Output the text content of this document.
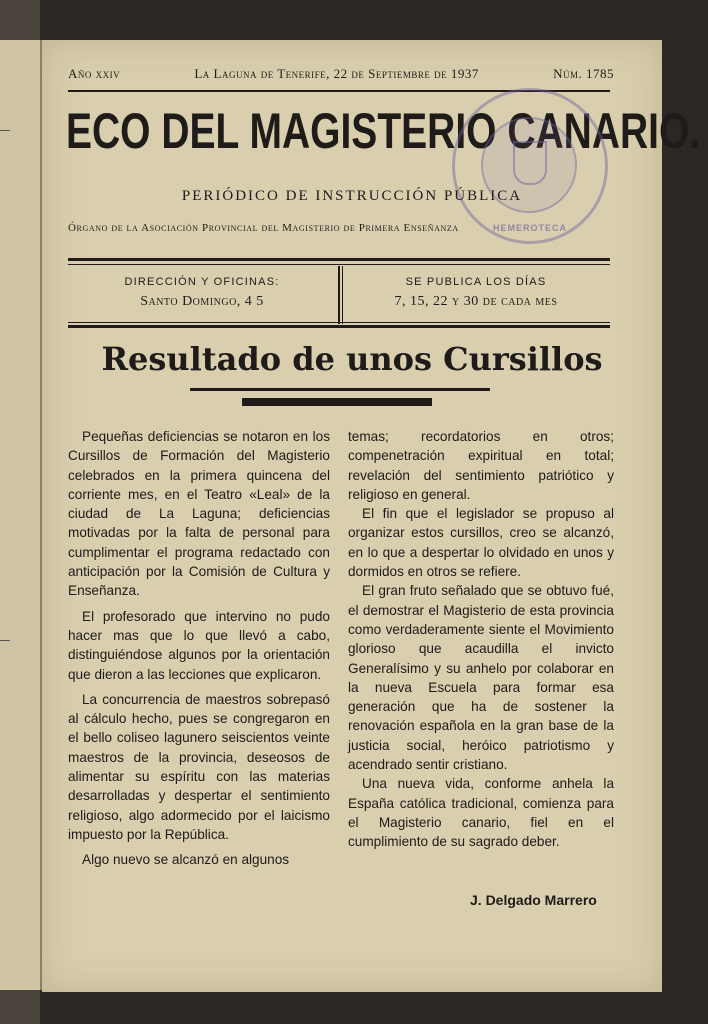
Año xxiv	La Laguna de Tenerife, 22 de Septiembre de 1937	Núm. 1785
ECO DEL MAGISTERIO CANARIO.
HEMEROTECA
PERIÓDICO DE INSTRUCCIÓN PÚBLICA
Órgano de la Asociación Provincial del Magisterio de Primera Enseñanza
DIRECCIÓN Y OFICINAS:
Santo Domingo, 4 5
SE PUBLICA LOS DÍAS
7, 15, 22 y 30 de cada mes
Resultado de unos Cursillos

Pequeñas deficiencias se notaron en los Cursillos de Formación del Magisterio celebrados en la primera quincena del corriente mes, en el Teatro «Leal» de la ciudad de La Laguna; deficiencias motivadas por la falta de personal para cumplimentar el programa redactado con anticipación por la Comisión de Cultura y Enseñanza.

El profesorado que intervino no pudo hacer mas que lo que llevó a cabo, distinguiéndose algunos por la orientación que dieron a las lecciones que explicaron.

La concurrencia de maestros sobrepasó al cálculo hecho, pues se congregaron en el bello coliseo lagunero seiscientos veinte maestros de la provincia, deseosos de alimentar su espíritu con las materias desarrolladas y despertar el sentimiento religioso, algo adormecido por el laicismo impuesto por la República.

Algo nuevo se alcanzó en algunos

temas; recordatorios en otros; compenetración expiritual en total; revelación del sentimiento patriótico y religioso en general.

El fin que el legislador se propuso al organizar estos cursillos, creo se alcanzó, en lo que a despertar lo olvidado en unos y dormidos en otros se refiere.

El gran fruto señalado que se obtuvo fué, el demostrar el Magisterio de esta provincia como verdaderamente siente el Movimiento glorioso que acaudilla el invicto Generalísimo y su anhelo por colaborar en la nueva Escuela para formar esa generación que ha de sostener la renovación española en la gran base de la justicia social, heróico patriotismo y acendrado sentir cristiano.

Una nueva vida, conforme anhela la España católica tradicional, comienza para el Magisterio canario, fiel en el cumplimiento de su sagrado deber.

J. Delgado Marrero
